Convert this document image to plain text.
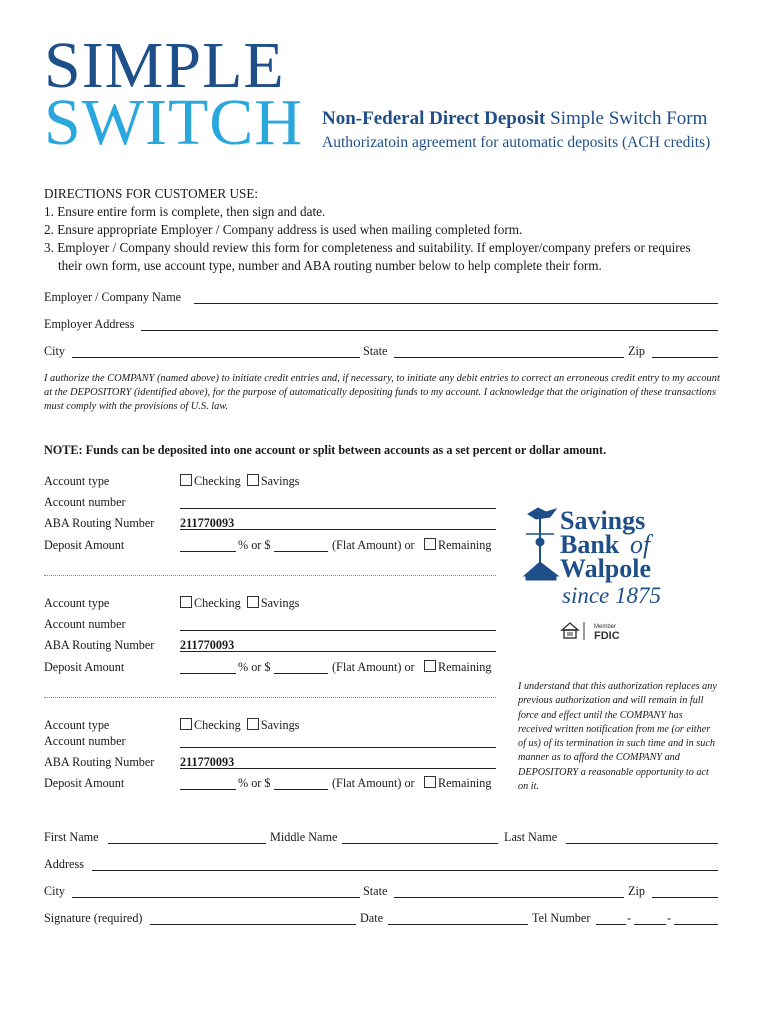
SIMPLE
SWITCH Non-Federal Direct Deposit Simple Switch Form
Authorizatoin agreement for automatic deposits (ACH credits)
DIRECTIONS FOR CUSTOMER USE:
1. Ensure entire form is complete, then sign and date.
2. Ensure appropriate Employer / Company address is used when mailing completed form.
3. Employer / Company should review this form for completeness and suitability. If employer/company prefers or requires
their own form, use account type, number and ABA routing number below to help complete their form.
Employer / Company Name
Employer Address
City	State	Zip
I authorize the COMPANY (named above) to initiate credit entries and, if necessary, to initiate any debit entries to correct an erroneous credit entry to my account at the DEPOSITORY (identified above), for the purpose of automatically depositing funds to my account. I acknowledge that the origination of these transactions must comply with the provisions of U.S. law.
NOTE: Funds can be deposited into one account or split between accounts as a set percent or dollar amount.
Account type	Checking Savings
Account number
ABA Routing Number 211770093
Deposit Amount	% or $	(Flat Amount) or	Remaining
Account type	Checking Savings
Account number
ABA Routing Number 211770093
Deposit Amount	% or $	(Flat Amount) or	Remaining
Account type	Checking Savings
Account number
ABA Routing Number 211770093
Deposit Amount	% or $	(Flat Amount) or	Remaining
Savings
Bank of
Walpole
since 1875
Member
FDIC
I understand that this authorization replaces any previous authorization and will remain in full force and effect until the COMPANY has received written notification from me (or either of us) of its termination in such time and in such manner as to afford the COMPANY and DEPOSITORY a reasonable opportunity to act on it.
First Name	Middle Name	Last Name
Address
City	State	Zip
Signature (required)	Date	Tel Number	-	-
